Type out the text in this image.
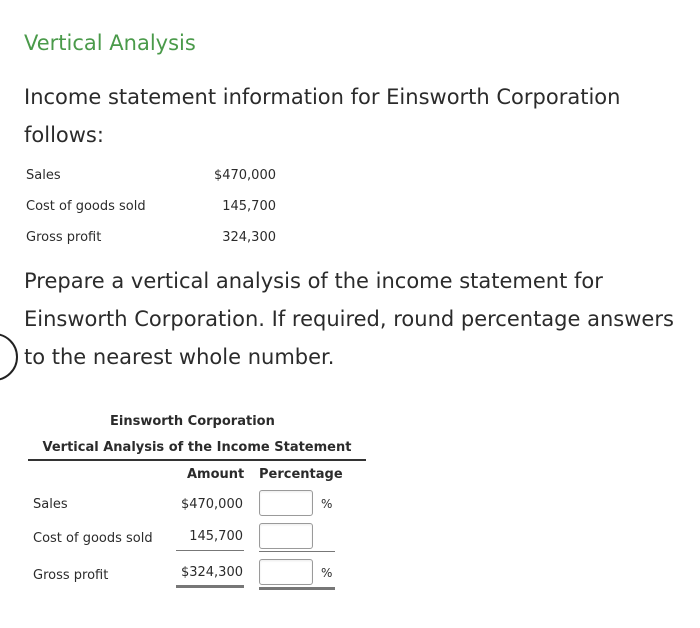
Vertical Analysis
Income statement information for Einsworth Corporation follows:
Sales	$470,000
Cost of goods sold	145,700
Gross profit	324,300
Prepare a vertical analysis of the income statement for Einsworth Corporation. If required, round percentage answers to the nearest whole number.
Einsworth Corporation
Vertical Analysis of the Income Statement
Amount Percentage
Sales	$470,000	%
Cost of goods sold	145,700
Gross profit	$324,300	%
